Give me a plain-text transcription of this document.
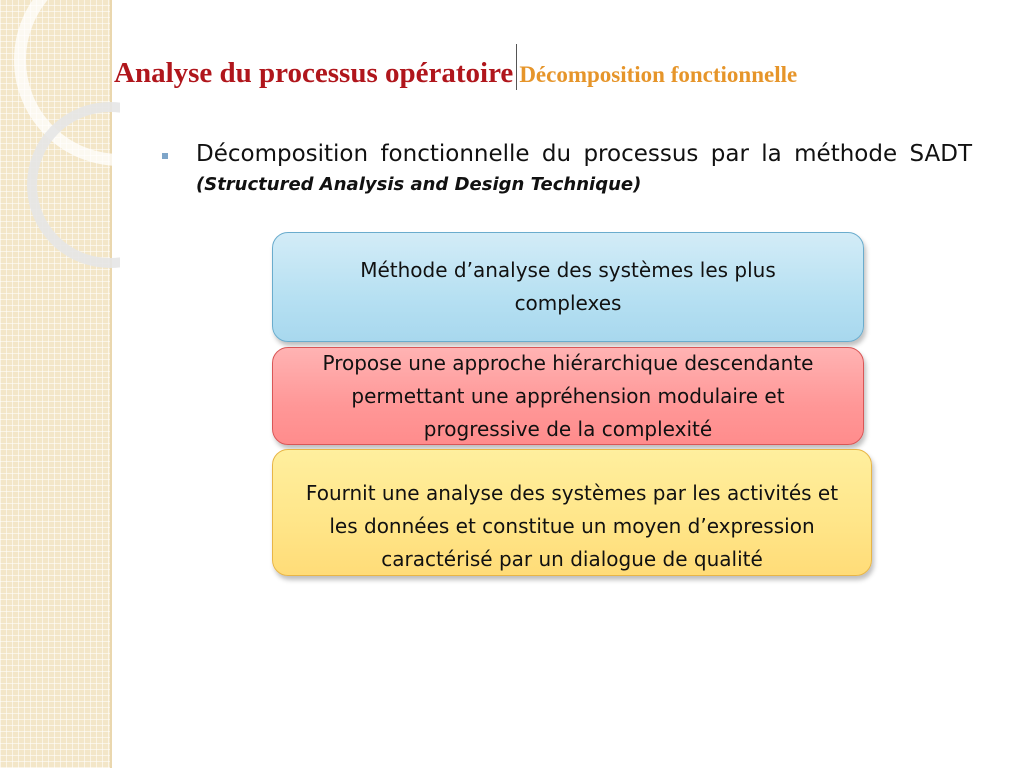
Analyse du processus opératoire Décomposition fonctionnelle
Décomposition fonctionnelle du processus par la méthode SADT (Structured Analysis and Design Technique)
Méthode d’analyse des systèmes les plus complexes
Propose une approche hiérarchique descendante permettant une appréhension modulaire et progressive de la complexité
Fournit une analyse des systèmes par les activités et les données et constitue un moyen d’expression caractérisé par un dialogue de qualité
